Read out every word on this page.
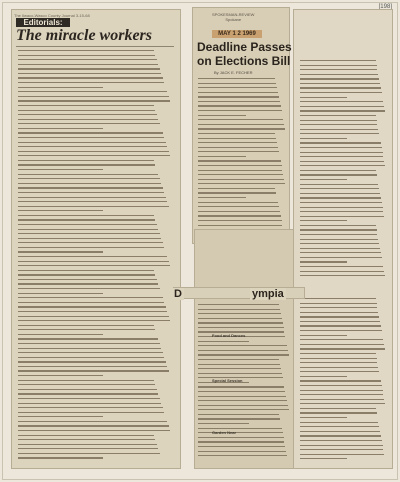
[198]
The Ilwaco-Wasco County Journal 3-15-68
Editorials:
The miracle workers
SPOKESMAN-REVIEW
Spokane
MAY 1 2 1969
Deadline Passes
on Elections Bill
By JACK E. FECHER
D	ympia
Food and Dances
Special Session
Garden Near
